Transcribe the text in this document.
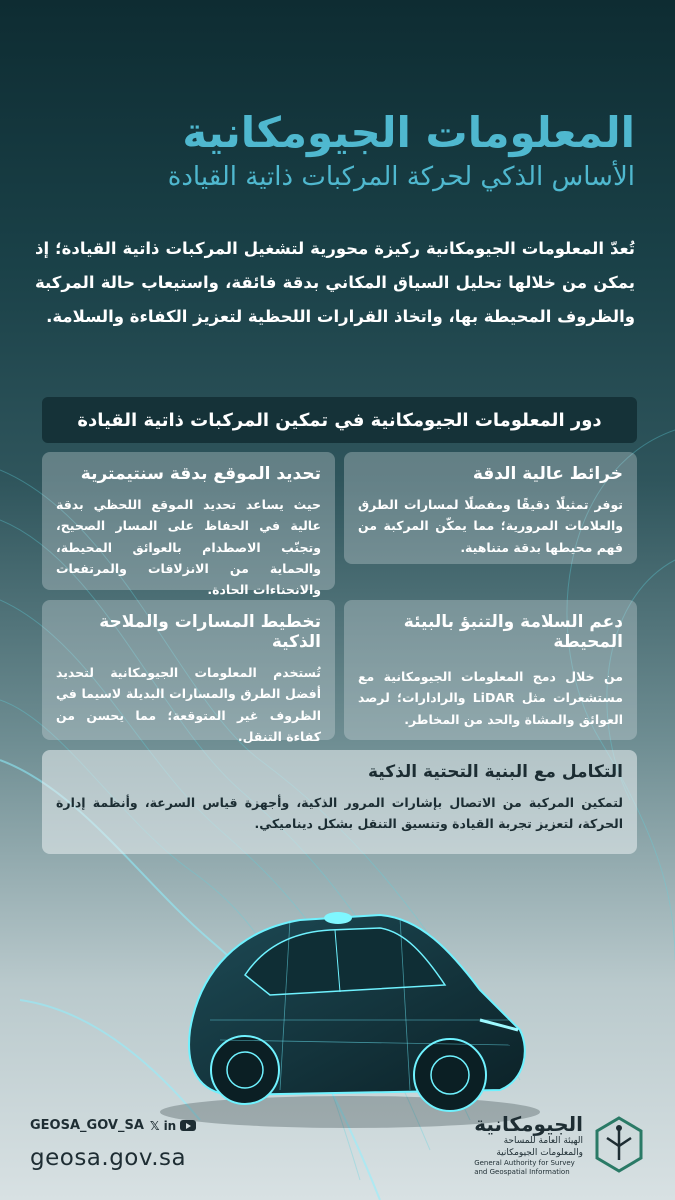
المعلومات الجيومكانية
الأساس الذكي لحركة المركبات ذاتية القيادة
تُعدّ المعلومات الجيومكانية ركيزة محورية لتشغيل المركبات ذاتية القيادة؛ إذ يمكن من خلالها تحليل السياق المكاني بدقة فائقة، واستيعاب حالة المركبة والظروف المحيطة بها، واتخاذ القرارات اللحظية لتعزيز الكفاءة والسلامة.
دور المعلومات الجيومكانية في تمكين المركبات ذاتية القيادة
خرائط عالية الدقة

توفر تمثيلًا دقيقًا ومفصلًا لمسارات الطرق والعلامات المرورية؛ مما يمكّن المركبة من فهم محيطها بدقة متناهية.

تحديد الموقع بدقة سنتيمترية

حيث يساعد تحديد الموقع اللحظي بدقة عالية في الحفاظ على المسار الصحيح، وتجنّب الاصطدام بالعوائق المحيطة، والحماية من الانزلاقات والمرتفعات والانحناءات الحادة.

دعم السلامة والتنبؤ بالبيئة المحيطة

من خلال دمج المعلومات الجيومكانية مع مستشعرات مثل LiDAR والرادارات؛ لرصد العوائق والمشاة والحد من المخاطر.

تخطيط المسارات والملاحة الذكية

تُستخدم المعلومات الجيومكانية لتحديد أفضل الطرق والمسارات البديلة لاسيما في الظروف غير المتوقعة؛ مما يحسن من كفاءة التنقل.

التكامل مع البنية التحتية الذكية

لتمكين المركبة من الاتصال بإشارات المرور الذكية، وأجهزة قياس السرعة، وأنظمة إدارة الحركة، لتعزيز تجربة القيادة وتنسيق التنقل بشكل ديناميكي.

GEOSA_GOV_SA 𝕏 in
geosa.gov.sa
الجيومكانية
الهيئة العامة للمساحة
والمعلومات الجيومكانية
General Authority for Survey
and Geospatial Information
